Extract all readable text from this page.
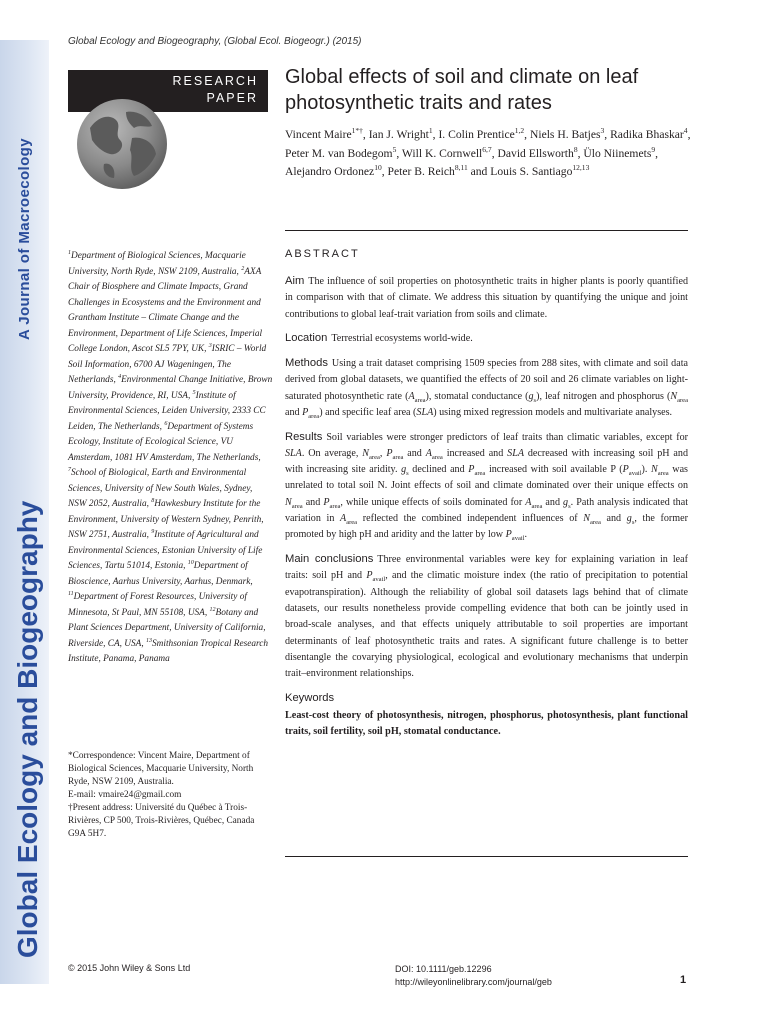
Global Ecology and Biogeography
A Journal of Macroecology
Global Ecology and Biogeography, (Global Ecol. Biogeogr.) (2015)
RESEARCH
PAPER
Global effects of soil and climate on leaf photosynthetic traits and rates
Vincent Maire$^{1*\dagger}$, Ian J. Wright$^1$, I. Colin Prentice$^{1,2}$, Niels H. Batjes$^3$, Radika Bhaskar$^4$, Peter M. van Bodegom$^5$, Will K. Cornwell$^{6,7}$, David Ellsworth$^8$, Ülo Niinemets$^9$, Alejandro Ordonez$^{10}$, Peter B. Reich$^{8,11}$ and Louis S. Santiago$^{12,13}$
$^1$Department of Biological Sciences, Macquarie University, North Ryde, NSW 2109, Australia, $^2$AXA Chair of Biosphere and Climate Impacts, Grand Challenges in Ecosystems and the Environment and Grantham Institute – Climate Change and the Environment, Department of Life Sciences, Imperial College London, Ascot SL5 7PY, UK, $^3$ISRIC – World Soil Information, 6700 AJ Wageningen, The Netherlands, $^4$Environmental Change Initiative, Brown University, Providence, RI, USA, $^5$Institute of Environmental Sciences, Leiden University, 2333 CC Leiden, The Netherlands, $^6$Department of Systems Ecology, Institute of Ecological Science, VU Amsterdam, 1081 HV Amsterdam, The Netherlands, $^7$School of Biological, Earth and Environmental Sciences, University of New South Wales, Sydney, NSW 2052, Australia, $^8$Hawkesbury Institute for the Environment, University of Western Sydney, Penrith, NSW 2751, Australia, $^9$Institute of Agricultural and Environmental Sciences, Estonian University of Life Sciences, Tartu 51014, Estonia, $^{10}$Department of Bioscience, Aarhus University, Aarhus, Denmark, $^{11}$Department of Forest Resources, University of Minnesota, St Paul, MN 55108, USA, $^{12}$Botany and Plant Sciences Department, University of California, Riverside, CA, USA, $^{13}$Smithsonian Tropical Research Institute, Panama, Panama
*Correspondence: Vincent Maire, Department of Biological Sciences, Macquarie University, North Ryde, NSW 2109, Australia.
E-mail: vmaire24@gmail.com
†Present address: Université du Québec à Trois-Rivières, CP 500, Trois-Rivières, Québec, Canada G9A 5H7.
ABSTRACT

Aim The influence of soil properties on photosynthetic traits in higher plants is poorly quantified in comparison with that of climate. We address this situation by quantifying the unique and joint contributions to global leaf-trait variation from soils and climate.

Location Terrestrial ecosystems world-wide.

Methods Using a trait dataset comprising 1509 species from 288 sites, with climate and soil data derived from global datasets, we quantified the effects of 20 soil and 26 climate variables on light-saturated photosynthetic rate $(A_{area})$, stomatal conductance $(g_s)$, leaf nitrogen and phosphorus ($N_{area}$ and $P_{area}$) and specific leaf area (SLA) using mixed regression models and multivariate analyses.

Results Soil variables were stronger predictors of leaf traits than climatic variables, except for SLA. On average, $N_{area}$, $P_{area}$ and $A_{area}$ increased and SLA decreased with increasing soil pH and with increasing site aridity. $g_s$ declined and $P_{area}$ increased with soil available P $(P_{avail})$. $N_{area}$ was unrelated to total soil N. Joint effects of soil and climate dominated over their unique effects on $N_{area}$ and $P_{area}$, while unique effects of soils dominated for $A_{area}$ and $g_s$. Path analysis indicated that variation in $A_{area}$ reflected the combined independent influences of $N_{area}$ and $g_s$, the former promoted by high pH and aridity and the latter by low $P_{avail}$.

Main conclusions Three environmental variables were key for explaining variation in leaf traits: soil pH and $P_{avail}$, and the climatic moisture index (the ratio of precipitation to potential evapotranspiration). Although the reliability of global soil datasets lags behind that of climate datasets, our results nonetheless provide compelling evidence that both can be jointly used in broad-scale analyses, and that effects uniquely attributable to soil properties are important determinants of leaf photosynthetic traits and rates. A significant future challenge is to better disentangle the covarying physiological, ecological and evolutionary mechanisms that underpin trait–environment relationships.

Keywords
Least-cost theory of photosynthesis, nitrogen, phosphorus, photosynthesis, plant functional traits, soil fertility, soil pH, stomatal conductance.
© 2015 John Wiley & Sons Ltd	DOI: 10.1111/geb.12296
http://wileyonlinelibrary.com/journal/geb	1
